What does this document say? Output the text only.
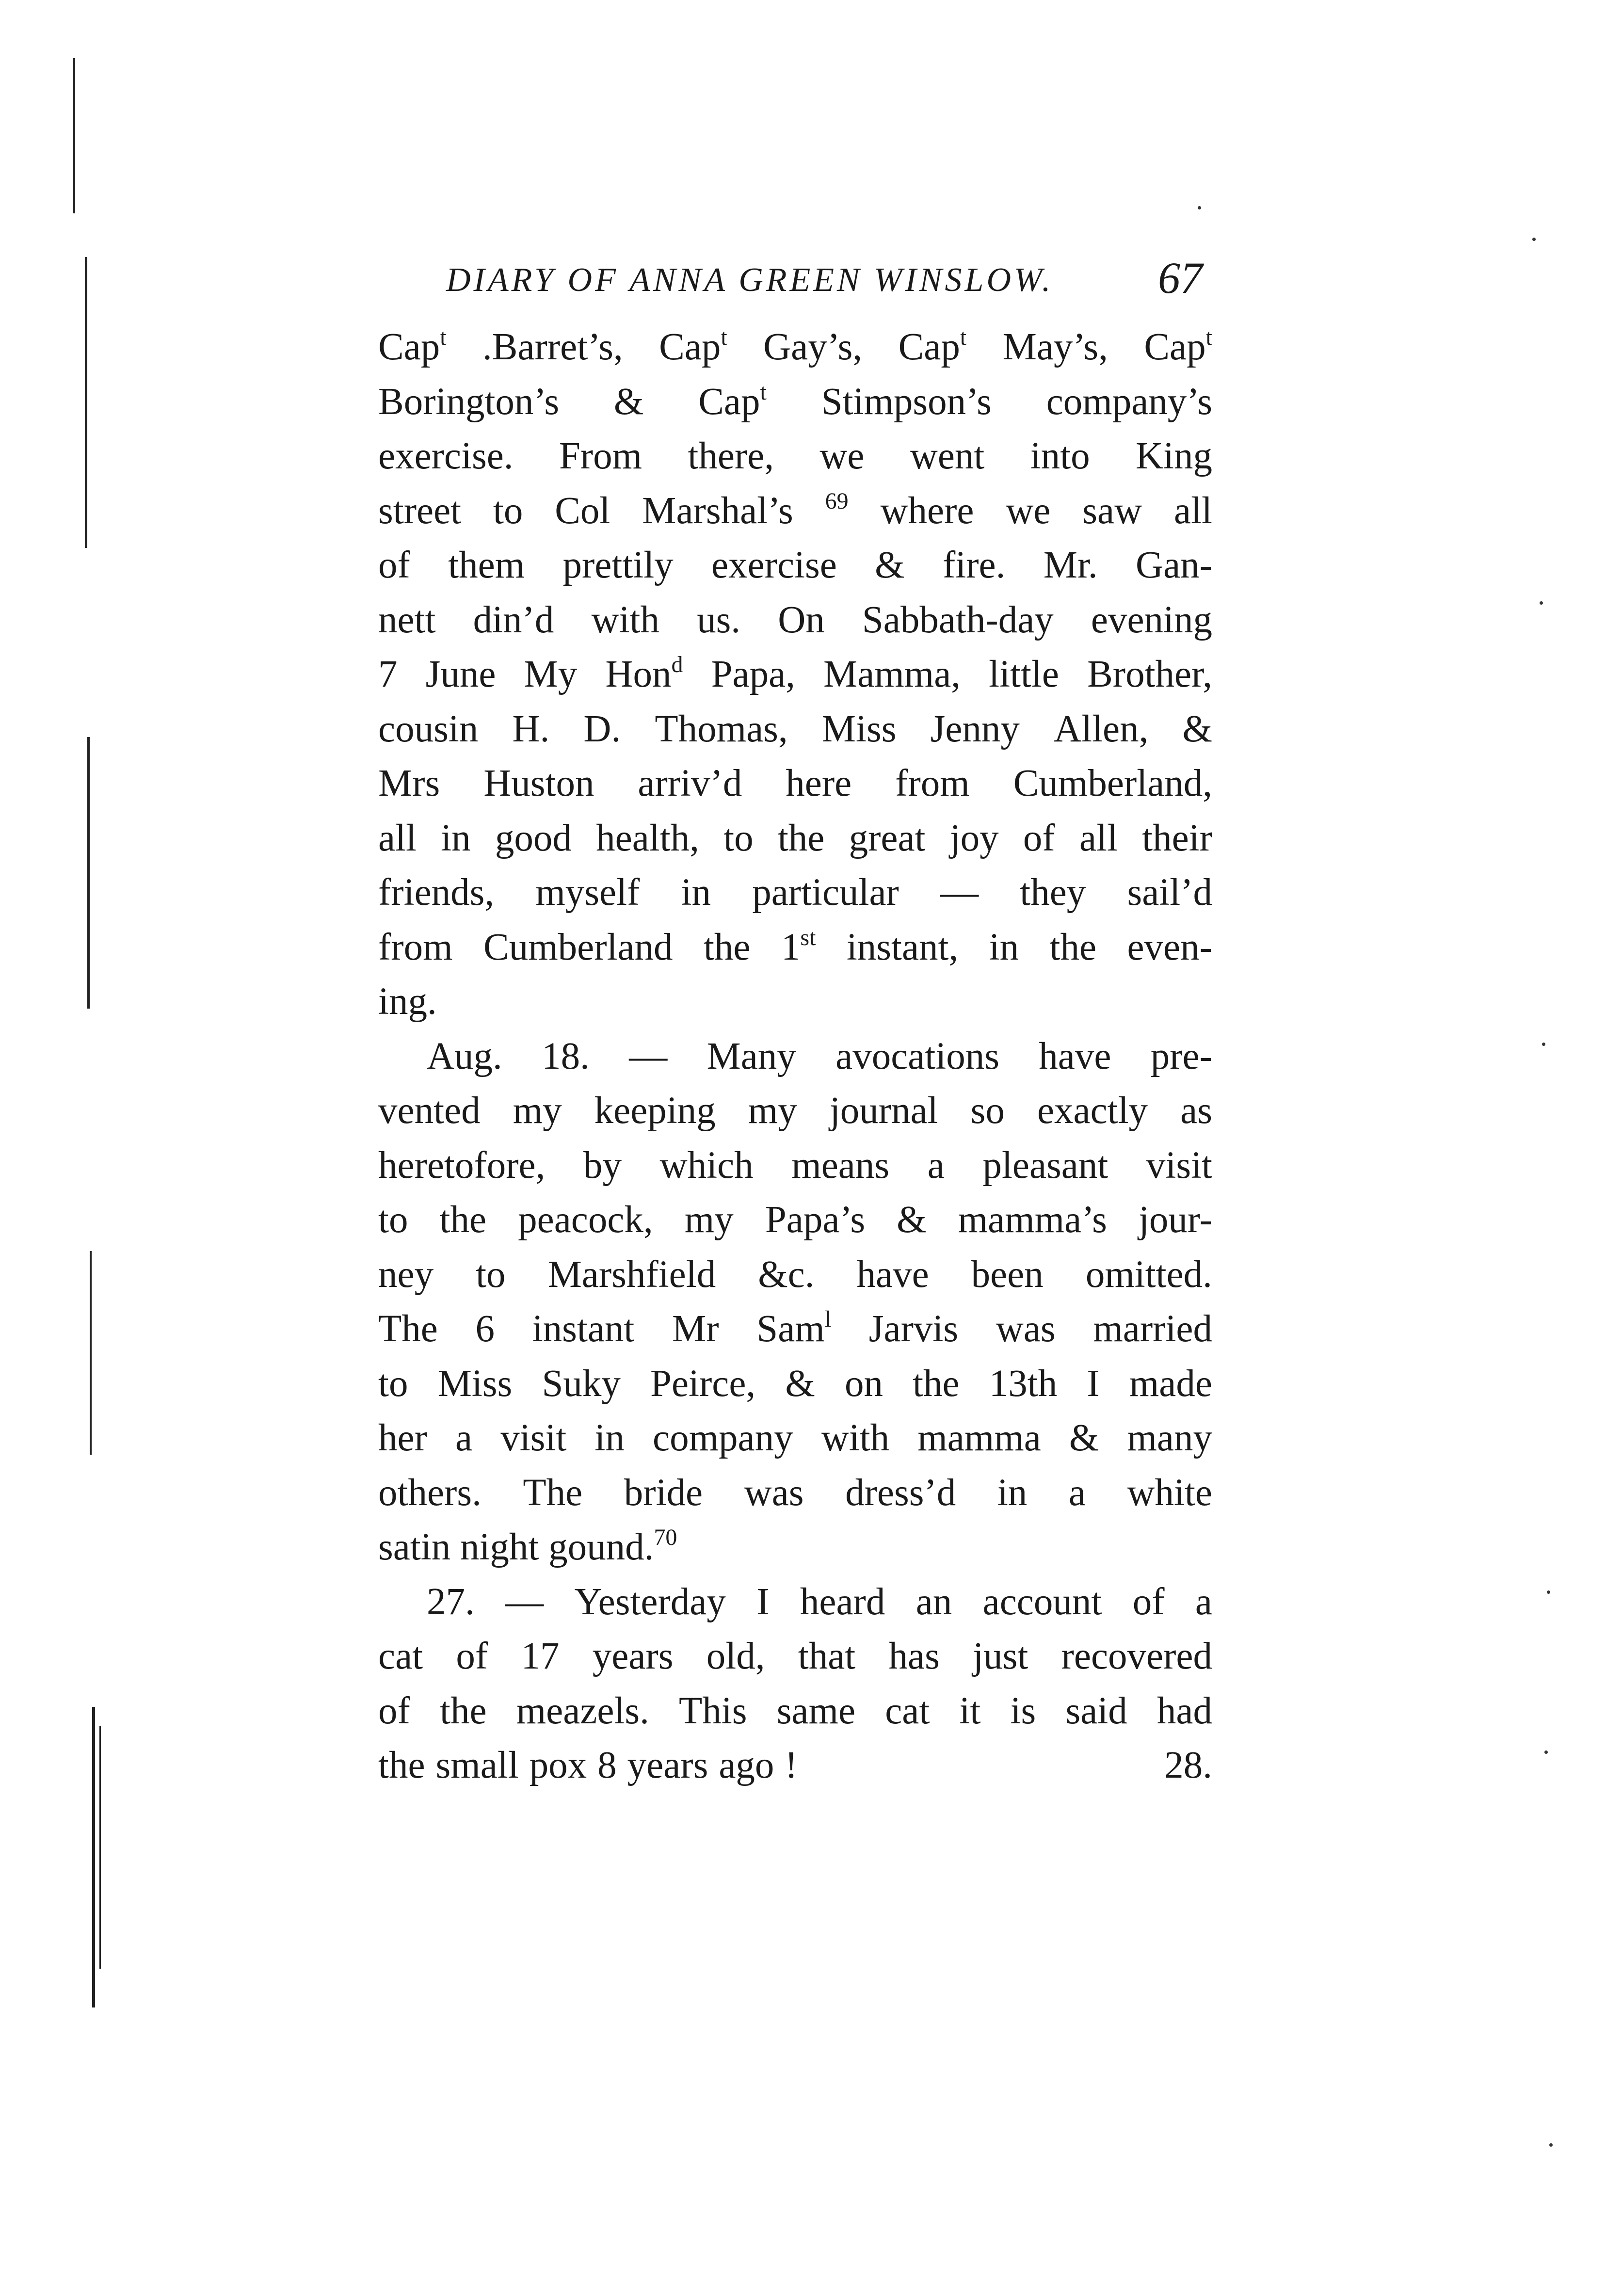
DIARY OF ANNA GREEN WINSLOW. 67
Cap$^t$ .Barret’s, Cap$^t$ Gay’s, Cap$^t$ May’s, Cap$^t$
Borington’s & Cap$^t$ Stimpson’s company’s
exercise. From there, we went into King
street to Col Marshal’s $^{69}$ where we saw all
of them prettily exercise & fire. Mr. Gan-
nett din’d with us. On Sabbath-day evening
7 June My Hon$^d$ Papa, Mamma, little Brother,
cousin H. D. Thomas, Miss Jenny Allen, &
Mrs Huston arriv’d here from Cumberland,
all in good health, to the great joy of all their
friends, myself in particular — they sail’d
from Cumberland the 1st instant, in the even-
ing.
Aug. 18. — Many avocations have pre-
vented my keeping my journal so exactly as
heretofore, by which means a pleasant visit
to the peacock, my Papa’s & mamma’s jour-
ney to Marshfield &c. have been omitted.
The 6 instant Mr Sam$^l$ Jarvis was married
to Miss Suky Peirce, & on the 13th I made
her a visit in company with mamma & many
others. The bride was dress’d in a white
satin
night
gound.$^{70}$
27. — Yesterday I heard an account of a
cat of 17 years old, that has just recovered
of the meazels. This same cat it is said had
the small pox 8 years ago !	28.
